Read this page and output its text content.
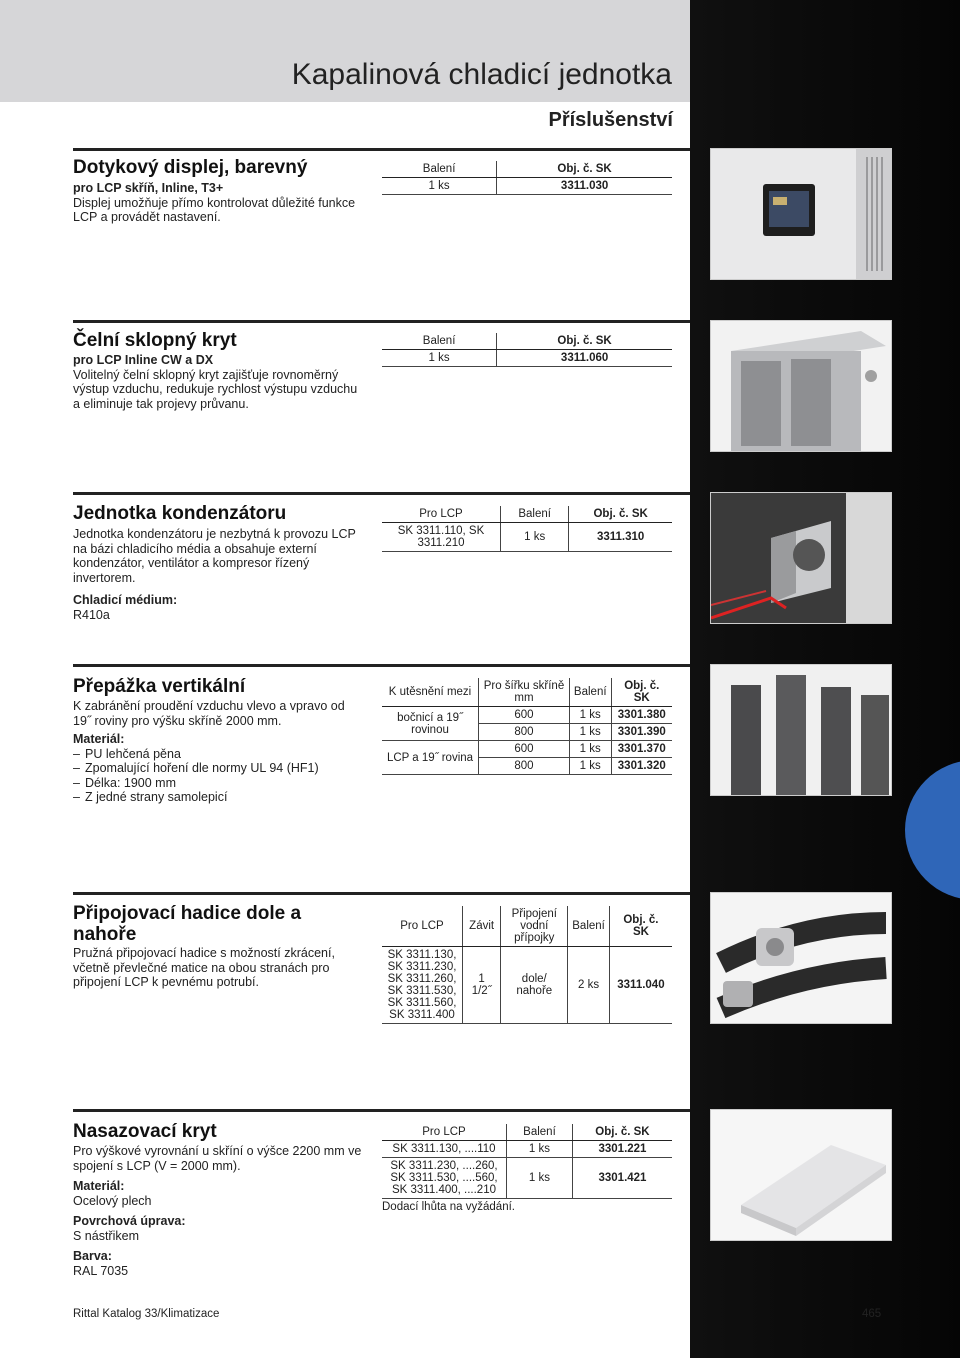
Kapalinová chladicí jednotka
Příslušenství
Dotykový displej, barevný
pro LCP skříň, Inline, T3+
Displej umožňuje přímo kontrolovat důležité funkce LCP a provádět nastavení.
Balení	Obj. č. SK
1 ks	3311.030
Čelní sklopný kryt
pro LCP Inline CW a DX
Volitelný čelní sklopný kryt zajišťuje rovnoměrný výstup vzduchu, redukuje rychlost výstupu vzduchu a eliminuje tak projevy průvanu.
Balení	Obj. č. SK
1 ks	3311.060
Jednotka kondenzátoru
Jednotka kondenzátoru je nezbytná k provozu LCP na bázi chladicího média a obsahuje externí kondenzátor, ventilátor a kompresor řízený invertorem.
Chladicí médium:
R410a
Pro LCP	Balení	Obj. č. SK
SK 3311.110, SK 3311.210	1 ks	3311.310
Přepážka vertikální
K zabránění proudění vzduchu vlevo a vpravo od 19˝ roviny pro výšku skříně 2000 mm.
Materiál:
– PU lehčená pěna
– Zpomalující hoření dle normy UL 94 (HF1)
– Délka: 1900 mm
– Z jedné strany samolepicí
K utěsnění mezi	Pro šířku skříně mm	Balení	Obj. č. SK
bočnicí a 19˝ rovinou	600	1 ks	3301.380
	800	1 ks	3301.390
LCP a 19˝ rovina	600	1 ks	3301.370
	800	1 ks	3301.320
Připojovací hadice dole a nahoře
Pružná připojovací hadice s možností zkrácení, včetně převlečné matice na obou stranách pro připojení LCP k pevnému potrubí.
Pro LCP	Závit	Připojení vodní přípojky	Balení	Obj. č. SK
SK 3311.130, SK 3311.230, SK 3311.260, SK 3311.530, SK 3311.560, SK 3311.400	1 1/2˝	dole/ nahoře	2 ks	3311.040
Nasazovací kryt
Pro výškové vyrovnání u skříní o výšce 2200 mm ve spojení s LCP (V = 2000 mm).
Materiál:
Ocelový plech
Povrchová úprava:
S nástřikem
Barva:
RAL 7035
Pro LCP	Balení	Obj. č. SK
SK 3311.130, ....110	1 ks	3301.221
SK 3311.230, ....260, SK 3311.530, ....560, SK 3311.400, ....210	1 ks	3301.421
Dodací lhůta na vyžádání.
Rittal Katalog 33/Klimatizace	465
